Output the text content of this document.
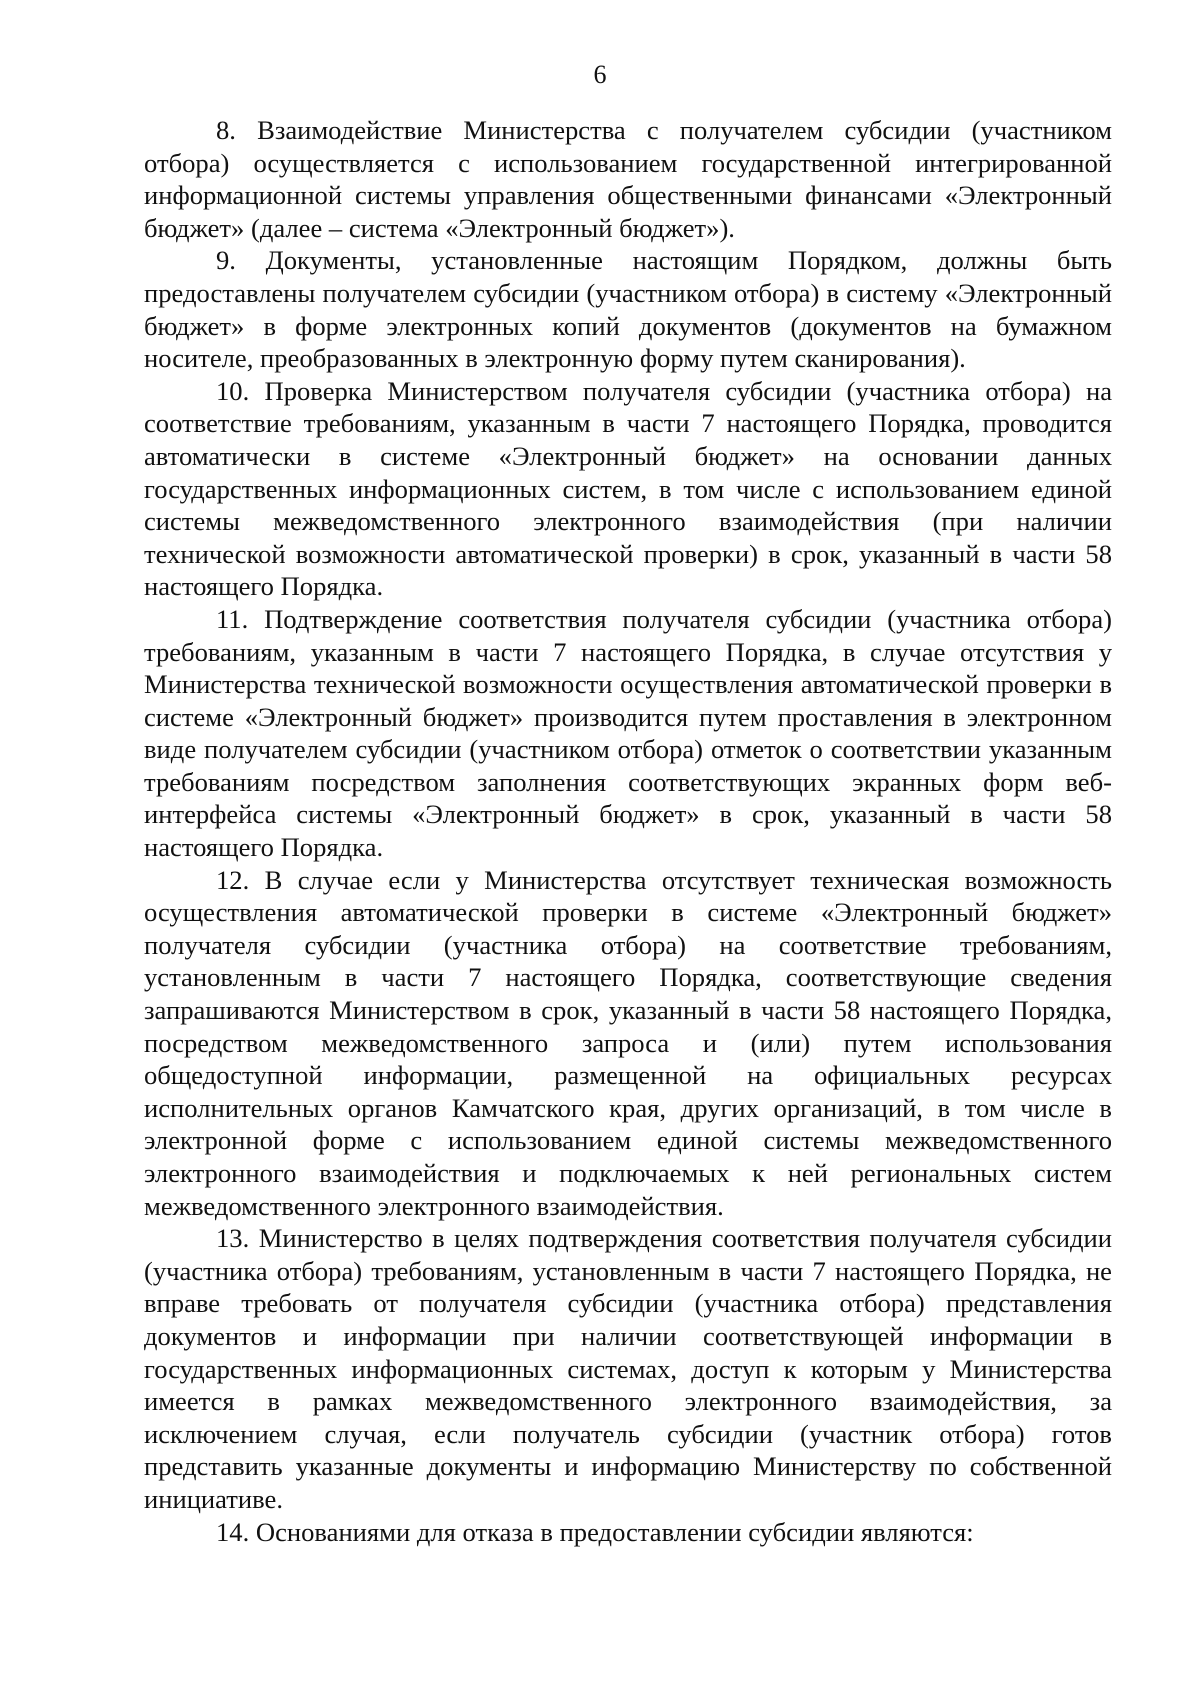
6

8. Взаимодействие Министерства с получателем субсидии (участником отбора) осуществляется с использованием государственной интегрированной информационной системы управления общественными финансами «Электронный бюджет» (далее – система «Электронный бюджет»).

9. Документы, установленные настоящим Порядком, должны быть предоставлены получателем субсидии (участником отбора) в систему «Электронный бюджет» в форме электронных копий документов (документов на бумажном носителе, преобразованных в электронную форму путем сканирования).

10. Проверка Министерством получателя субсидии (участника отбора) на соответствие требованиям, указанным в части 7 настоящего Порядка, проводится автоматически в системе «Электронный бюджет» на основании данных государственных информационных систем, в том числе с использованием единой системы межведомственного электронного взаимодействия (при наличии технической возможности автоматической проверки) в срок, указанный в части 58 настоящего Порядка.

11. Подтверждение соответствия получателя субсидии (участника отбора) требованиям, указанным в части 7 настоящего Порядка, в случае отсутствия у Министерства технической возможности осуществления автоматической проверки в системе «Электронный бюджет» производится путем проставления в электронном виде получателем субсидии (участником отбора) отметок о соответствии указанным требованиям посредством заполнения соответствующих экранных форм веб-интерфейса системы «Электронный бюджет» в срок, указанный в части 58 настоящего Порядка.

12. В случае если у Министерства отсутствует техническая возможность осуществления автоматической проверки в системе «Электронный бюджет» получателя субсидии (участника отбора) на соответствие требованиям, установленным в части 7 настоящего Порядка, соответствующие сведения запрашиваются Министерством в срок, указанный в части 58 настоящего Порядка, посредством межведомственного запроса и (или) путем использования общедоступной информации, размещенной на официальных ресурсах исполнительных органов Камчатского края, других организаций, в том числе в электронной форме с использованием единой системы межведомственного электронного взаимодействия и подключаемых к ней региональных систем межведомственного электронного взаимодействия.

13. Министерство в целях подтверждения соответствия получателя субсидии (участника отбора) требованиям, установленным в части 7 настоящего Порядка, не вправе требовать от получателя субсидии (участника отбора) представления документов и информации при наличии соответствующей информации в государственных информационных системах, доступ к которым у Министерства имеется в рамках межведомственного электронного взаимодействия, за исключением случая, если получатель субсидии (участник отбора) готов представить указанные документы и информацию Министерству по собственной инициативе.

14. Основаниями для отказа в предоставлении субсидии являются:
